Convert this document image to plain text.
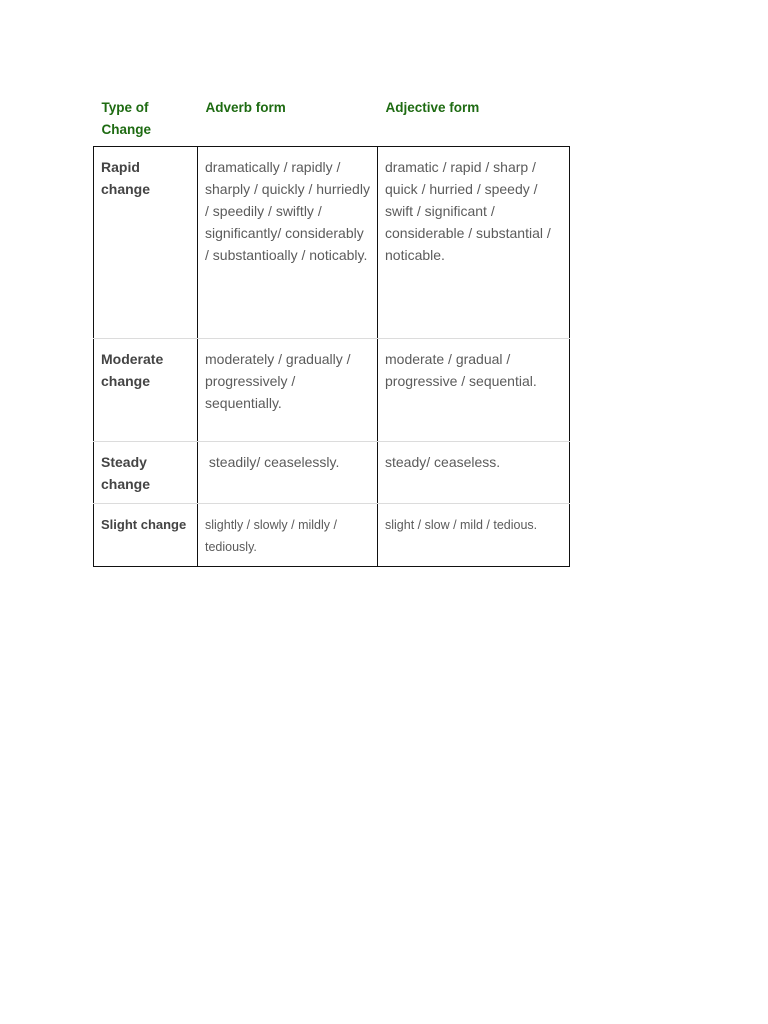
Type of Change	Adverb form	Adjective form
Rapid change	dramatically / rapidly / sharply / quickly / hurriedly / speedily / swiftly / significantly/ considerably / substantioally / noticably.	dramatic / rapid / sharp / quick / hurried / speedy / swift / significant / considerable / substantial / noticable.
Moderate change	moderately / gradually / progressively / sequentially.	moderate / gradual / progressive / sequential.
Steady change	steadily/ ceaselessly.	steady/ ceaseless.
Slight change	slightly / slowly / mildly / tediously.	slight / slow / mild / tedious.
